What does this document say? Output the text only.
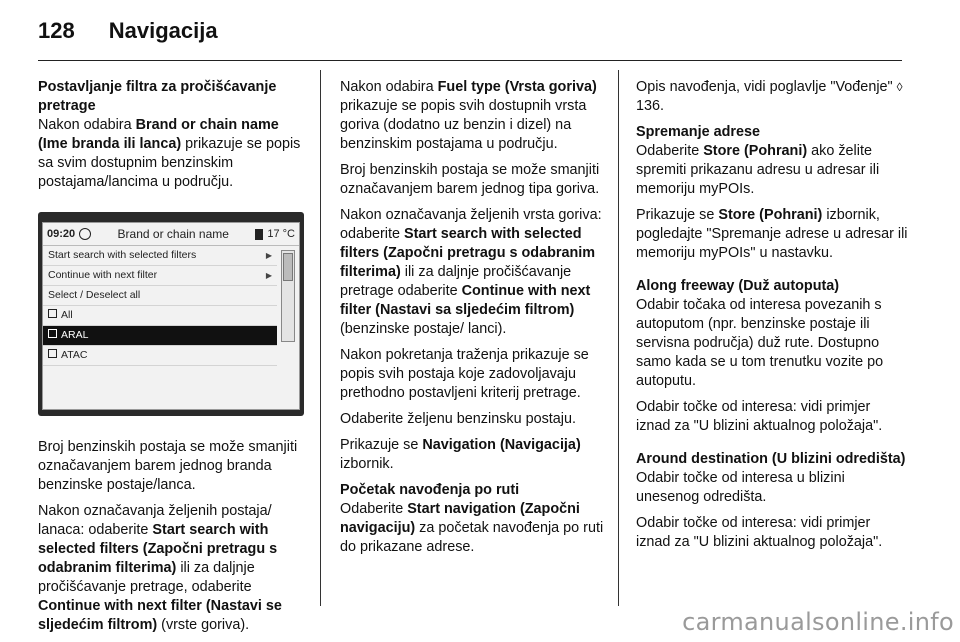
128 Navigacija

Postavljanje filtra za pročišćavanje pretrage
Nakon odabira Brand or chain name (Ime branda ili lanca) prikazuje se popis sa svim dostupnim benzinskim postajama/lancima u području.

09:20	Brand or chain name	17 °C
Start search with selected filters	▶
Continue with next filter	▶
Select / Deselect all
All
ARAL
ATAC

Broj benzinskih postaja se može smanjiti označavanjem barem jednog branda benzinske postaje/lanca.

Nakon označavanja željenih postaja/ lanaca: odaberite Start search with selected filters (Započni pretragu s odabranim filterima) ili za daljnje pročišćavanje pretrage, odaberite Continue with next filter (Nastavi se sljedećim filtrom) (vrste goriva).

Nakon odabira Fuel type (Vrsta goriva) prikazuje se popis svih dostupnih vrsta goriva (dodatno uz benzin i dizel) na benzinskim postajama u području.

Broj benzinskih postaja se može smanjiti označavanjem barem jednog tipa goriva.

Nakon označavanja željenih vrsta goriva: odaberite Start search with selected filters (Započni pretragu s odabranim filterima) ili za daljnje pročišćavanje pretrage odaberite Continue with next filter (Nastavi sa sljedećim filtrom) (benzinske postaje/ lanci).

Nakon pokretanja traženja prikazuje se popis svih postaja koje zadovoljavaju prethodno postavljeni kriterij pretrage.

Odaberite željenu benzinsku postaju.

Prikazuje se Navigation (Navigacija) izbornik.

Početak navođenja po ruti
Odaberite Start navigation (Započni navigaciju) za početak navođenja po ruti do prikazane adrese.

Opis navođenja, vidi poglavlje "Vođenje" ◊ 136.

Spremanje adrese
Odaberite Store (Pohrani) ako želite spremiti prikazanu adresu u adresar ili memoriju myPOIs.

Prikazuje se Store (Pohrani) izbornik, pogledajte "Spremanje adrese u adresar ili memoriju myPOIs" u nastavku.

Along freeway (Duž autoputa)
Odabir točaka od interesa povezanih s autoputom (npr. benzinske postaje ili servisna područja) duž rute. Dostupno samo kada se u tom trenutku vozite po autoputu.

Odabir točke od interesa: vidi primjer iznad za "U blizini aktualnog položaja".

Around destination (U blizini odredišta)
Odabir točke od interesa u blizini unesenog odredišta.

Odabir točke od interesa: vidi primjer iznad za "U blizini aktualnog položaja".

carmanualsonline.info
